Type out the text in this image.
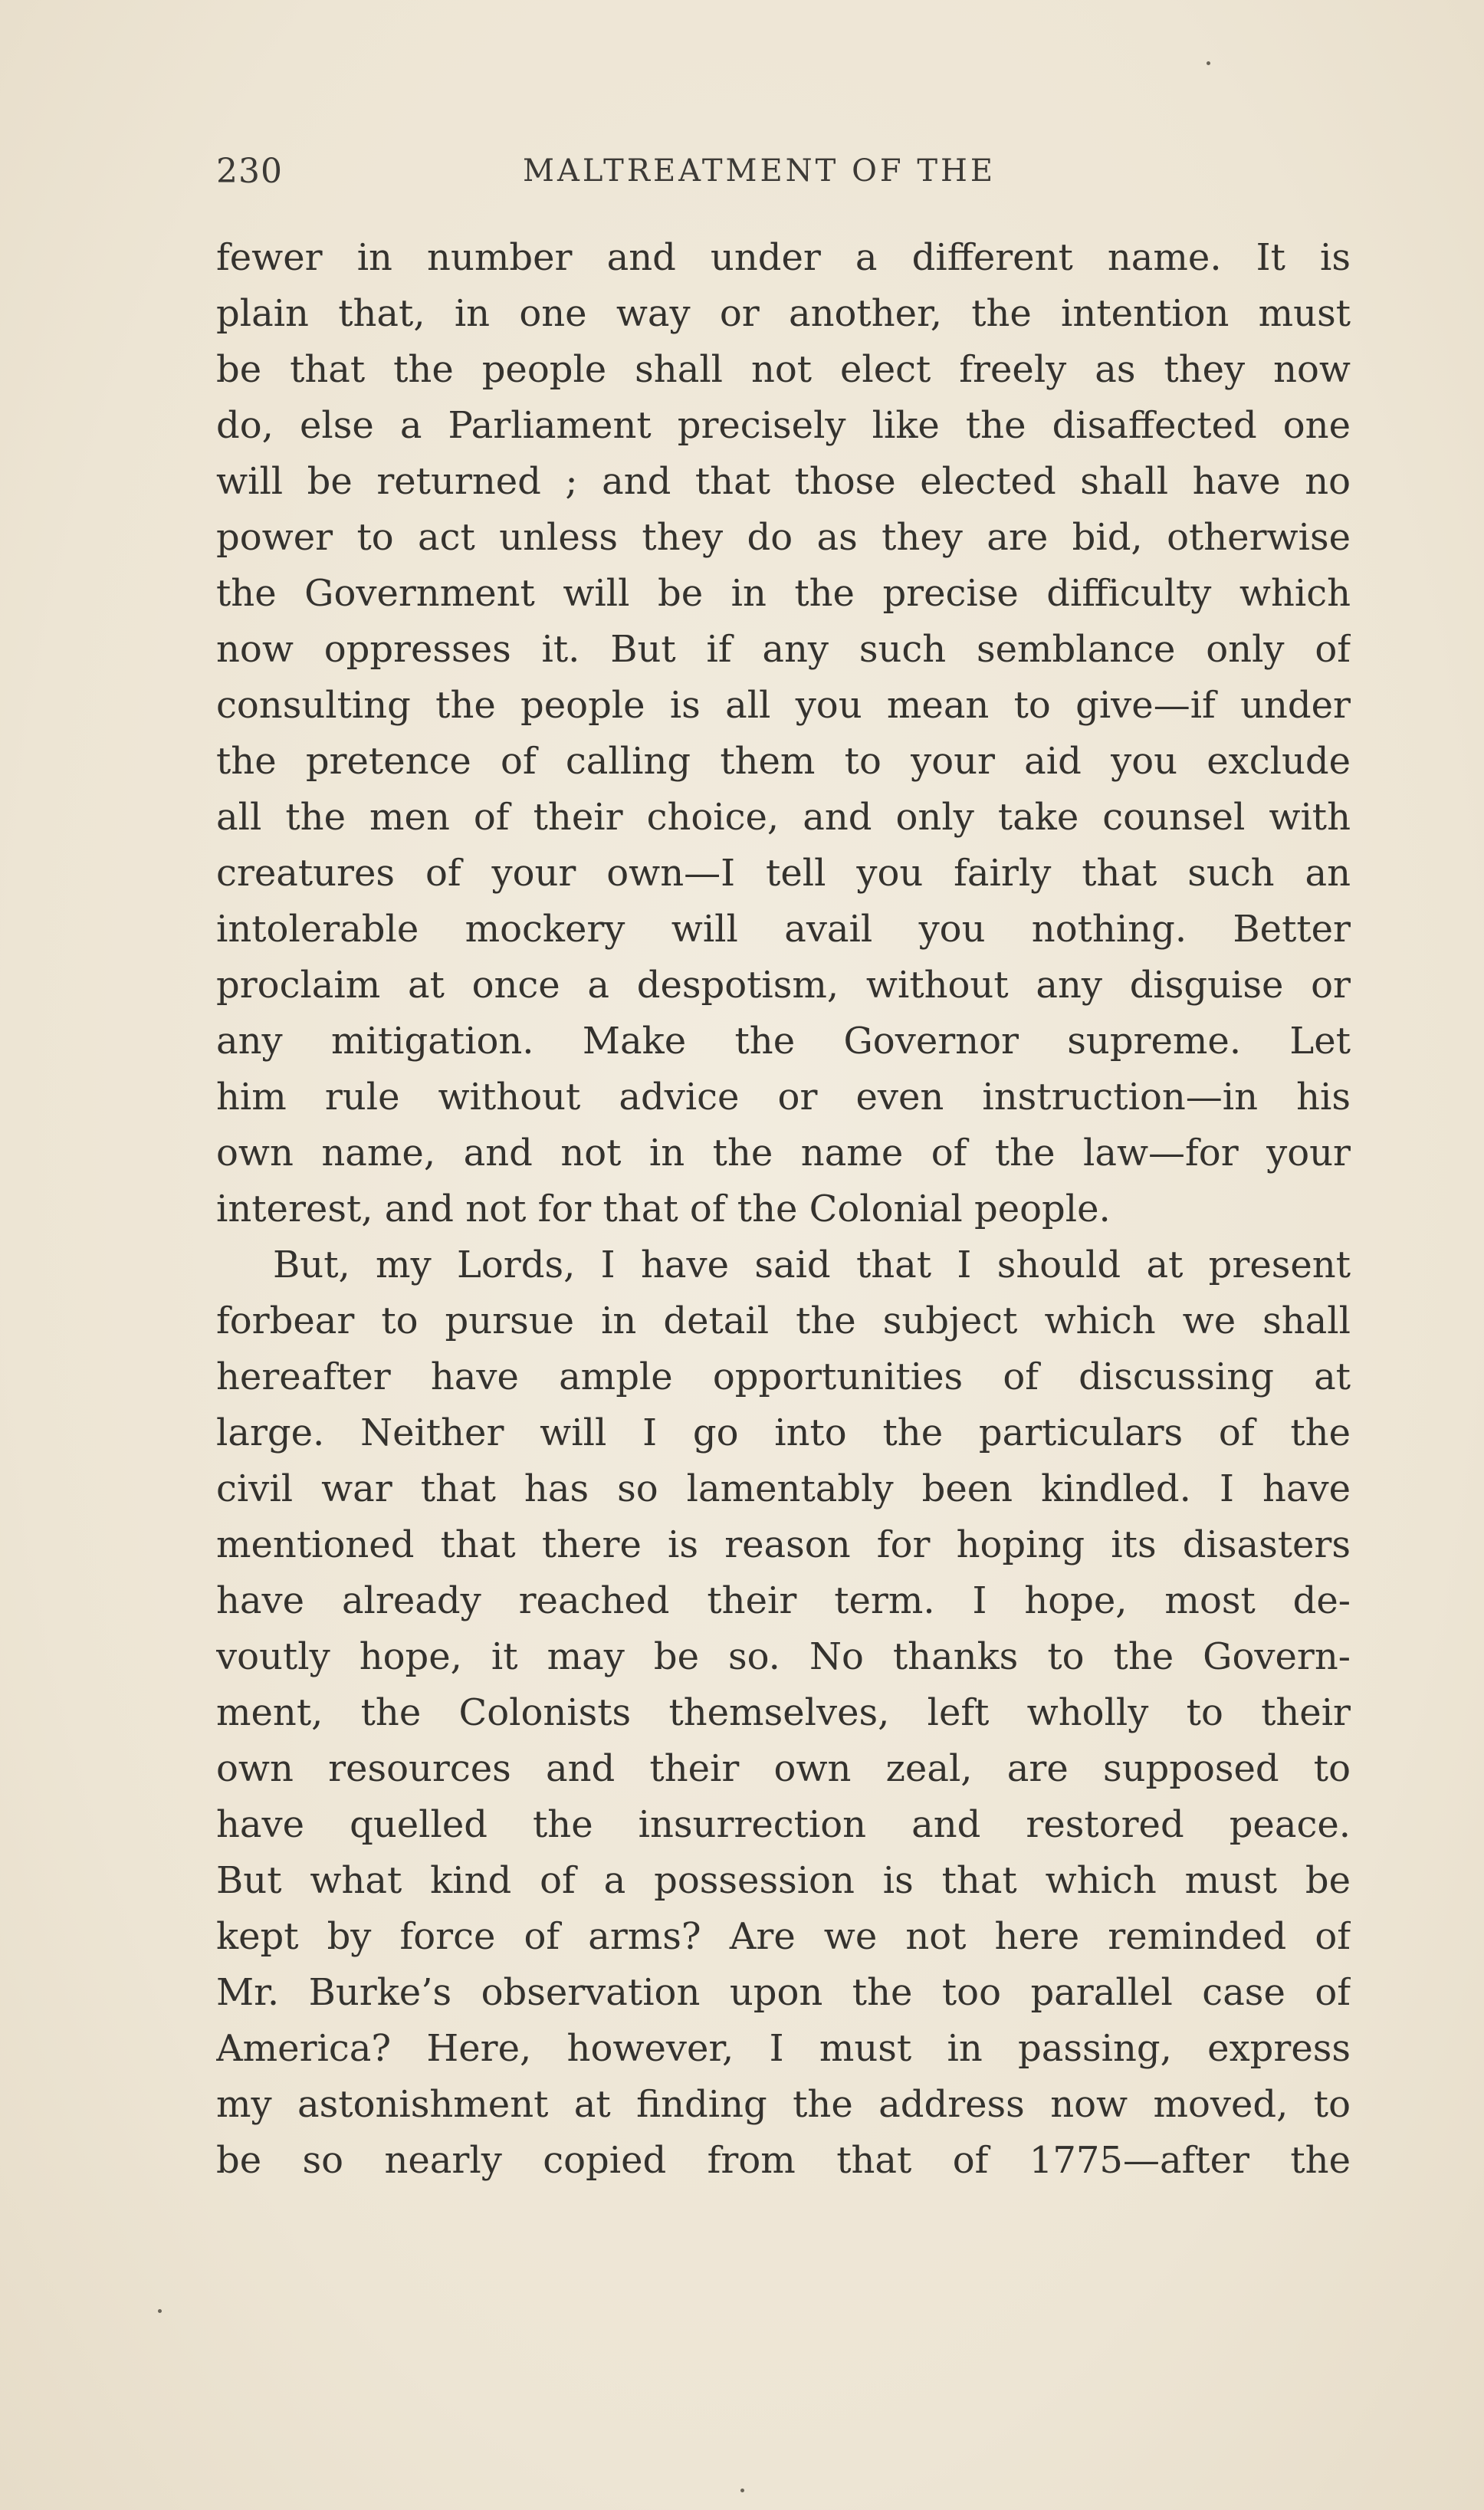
230	MALTREATMENT OF THE
fewer in number and under a different name. It is
plain that, in one way or another, the intention must
be that the people shall not elect freely as they now
do, else a Parliament precisely like the disaffected one
will be returned ; and that those elected shall have no
power to act unless they do as they are bid, otherwise
the Government will be in the precise difficulty which
now oppresses it. But if any such semblance only of
consulting the people is all you mean to give—if under
the pretence of calling them to your aid you exclude
all the men of their choice, and only take counsel with
creatures of your own—I tell you fairly that such an
intolerable mockery will avail you nothing. Better
proclaim at once a despotism, without any disguise or
any mitigation. Make the Governor supreme. Let
him rule without advice or even instruction—in his
own name, and not in the name of the law—for your
interest, and not for that of the Colonial people.
But, my Lords, I have said that I should at present
forbear to pursue in detail the subject which we shall
hereafter have ample opportunities of discussing at
large. Neither will I go into the particulars of the
civil war that has so lamentably been kindled. I have
mentioned that there is reason for hoping its disasters
have already reached their term. I hope, most de-
voutly hope, it may be so. No thanks to the Govern-
ment, the Colonists themselves, left wholly to their
own resources and their own zeal, are supposed to
have quelled the insurrection and restored peace.
But what kind of a possession is that which must be
kept by force of arms? Are we not here reminded of
Mr. Burke’s observation upon the too parallel case of
America? Here, however, I must in passing, express
my astonishment at finding the address now moved, to
be so nearly copied from that of 1775—after the
